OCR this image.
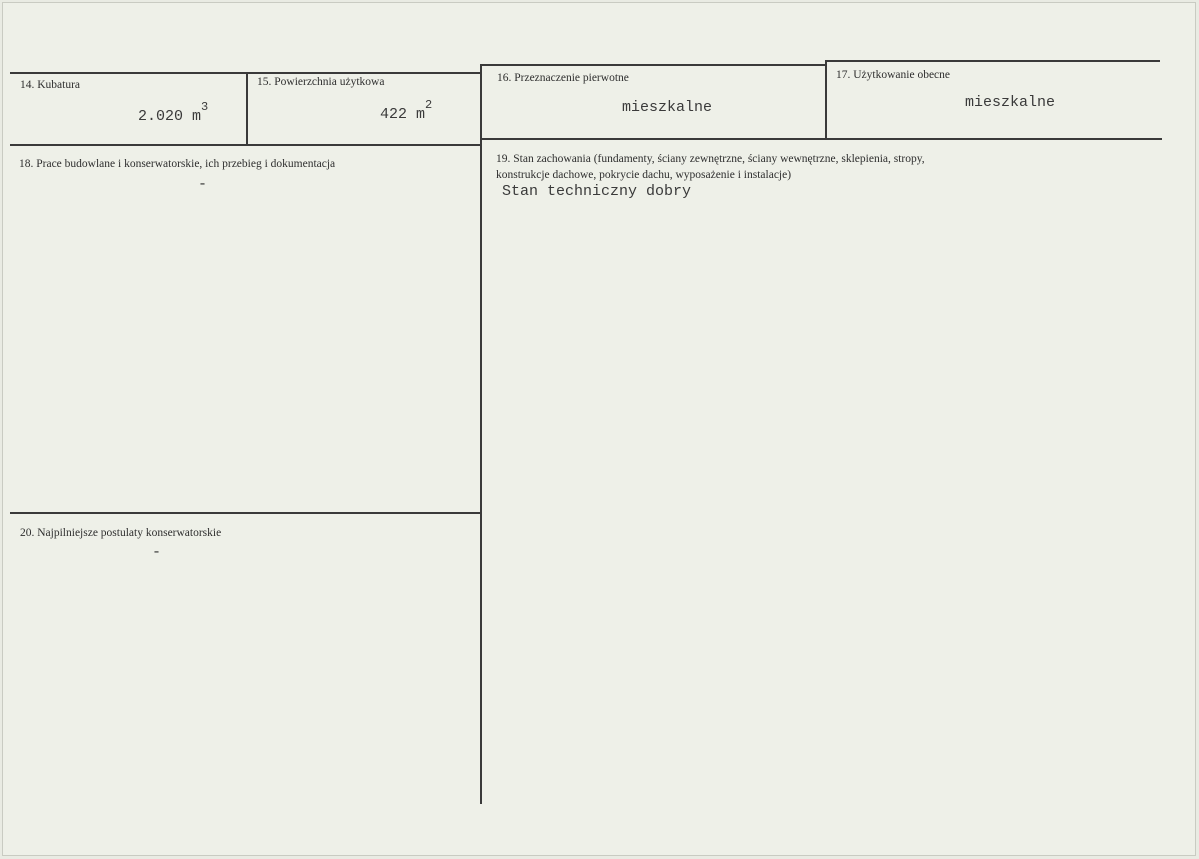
14. Kubatura
2.020 $m^3$
15. Powierzchnia użytkowa
422 $m^2$
16. Przeznaczenie pierwotne
mieszkalne
17. Użytkowanie obecne
mieszkalne
18. Prace budowlane i konserwatorskie, ich przebieg i dokumentacja
-
19. Stan zachowania (fundamenty, ściany zewnętrzne, ściany wewnętrzne, sklepienia, stropy,
konstrukcje dachowe, pokrycie dachu, wyposażenie i instalacje)
Stan techniczny dobry
20. Najpilniejsze postulaty konserwatorskie
-
